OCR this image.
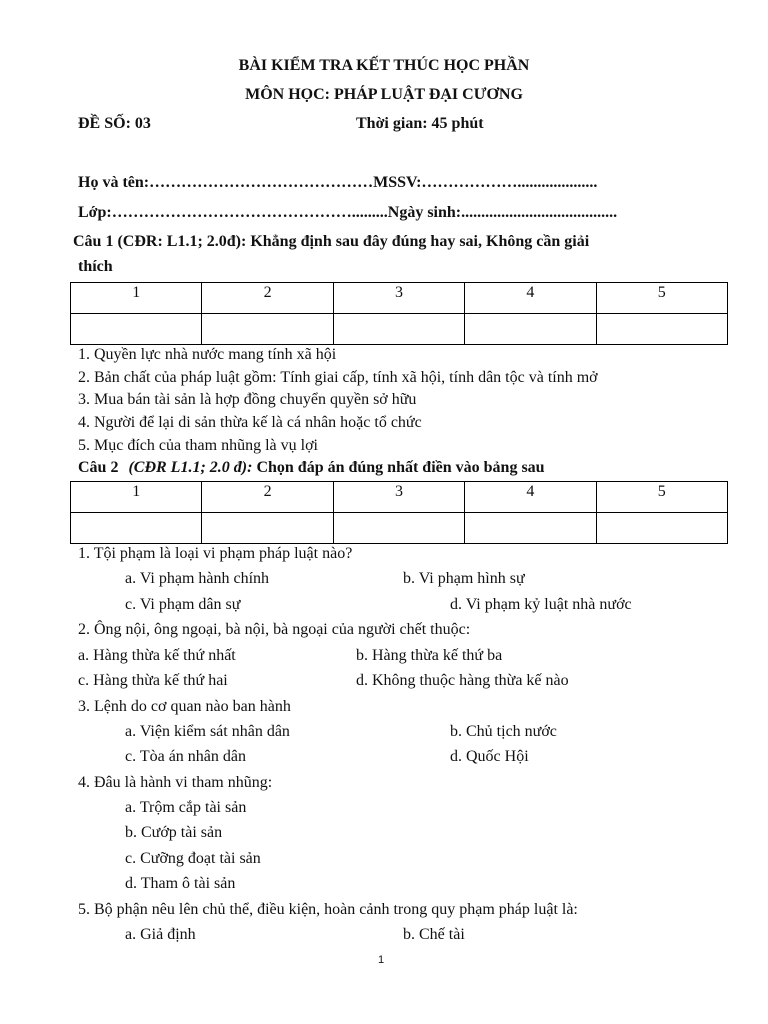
BÀI KIỂM TRA KẾT THÚC HỌC PHẦN
MÔN HỌC: PHÁP LUẬT ĐẠI CƯƠNG
ĐỀ SỐ: 03	Thời gian: 45 phút
Họ và tên:……………………………………MSSV:………………....................
Lớp:……………………………………….........Ngày sinh:.......................................
Câu 1 (CĐR: L1.1; 2.0đ): Khẳng định sau đây đúng hay sai, Không cần giải
thích
1	2	3	4	5

1. Quyền lực nhà nước mang tính xã hội
2. Bản chất của pháp luật gồm: Tính giai cấp, tính xã hội, tính dân tộc và tính mở
3. Mua bán tài sản là hợp đồng chuyển quyền sở hữu
4. Người để lại di sản thừa kế là cá nhân hoặc tổ chức
5. Mục đích của tham nhũng là vụ lợi
Câu 2 (CĐR L1.1; 2.0 đ): Chọn đáp án đúng nhất điền vào bảng sau
1	2	3	4	5

1. Tội phạm là loại vi phạm pháp luật nào?
a. Vi phạm hành chính	b. Vi phạm hình sự
c. Vi phạm dân sự	d. Vi phạm kỷ luật nhà nước
2. Ông nội, ông ngoại, bà nội, bà ngoại của người chết thuộc:
a. Hàng thừa kế thứ nhất	b. Hàng thừa kế thứ ba
c. Hàng thừa kế thứ hai	d. Không thuộc hàng thừa kế nào
3. Lệnh do cơ quan nào ban hành
a. Viện kiểm sát nhân dân	b. Chủ tịch nước
c. Tòa án nhân dân	d. Quốc Hội
4. Đâu là hành vi tham nhũng:
a. Trộm cắp tài sản
b. Cướp tài sản
c. Cưỡng đoạt tài sản
d. Tham ô tài sản
5. Bộ phận nêu lên chủ thể, điều kiện, hoàn cảnh trong quy phạm pháp luật là:
a. Giả định	b. Chế tài
1
